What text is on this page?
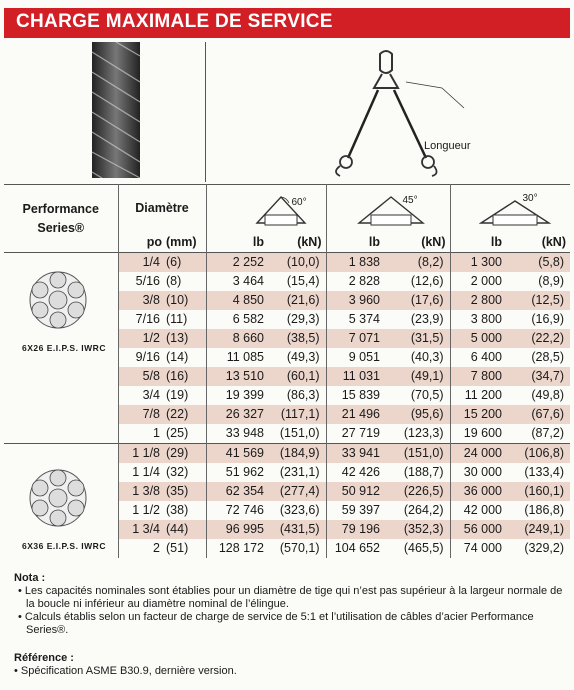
CHARGE MAXIMALE DE SERVICE
Longueur
Performance
Series®	Diamètre		60°		45°		30°	

	po	(mm)	lb	(kN)	lb	(kN)	lb	(kN)
	1/4	(6)	2 252	(10,0)	1 838	(8,2)	1 300	(5,8)
	5/16	(8)	3 464	(15,4)	2 828	(12,6)	2 000	(8,9)
	3/8	(10)	4 850	(21,6)	3 960	(17,6)	2 800	(12,5)
	7/16	(11)	6 582	(29,3)	5 374	(23,9)	3 800	(16,9)
	1/2	(13)	8 660	(38,5)	7 071	(31,5)	5 000	(22,2)
	9/16	(14)	11 085	(49,3)	9 051	(40,3)	6 400	(28,5)
	5/8	(16)	13 510	(60,1)	11 031	(49,1)	7 800	(34,7)
	3/4	(19)	19 399	(86,3)	15 839	(70,5)	11 200	(49,8)
	7/8	(22)	26 327	(117,1)	21 496	(95,6)	15 200	(67,6)
	1	(25)	33 948	(151,0)	27 719	(123,3)	19 600	(87,2)
	1 1/8	(29)	41 569	(184,9)	33 941	(151,0)	24 000	(106,8)
	1 1/4	(32)	51 962	(231,1)	42 426	(188,7)	30 000	(133,4)
	1 3/8	(35)	62 354	(277,4)	50 912	(226,5)	36 000	(160,1)
	1 1/2	(38)	72 746	(323,6)	59 397	(264,2)	42 000	(186,8)
	1 3/4	(44)	96 995	(431,5)	79 196	(352,3)	56 000	(249,1)
	2	(51)	128 172	(570,1)	104 652	(465,5)	74 000	(329,2)
6X26 E.I.P.S. IWRC
6X36 E.I.P.S. IWRC
Nota :
• Les capacités nominales sont établies pour un diamètre de tige qui n’est pas supérieur à la largeur normale de la boucle ni inférieur au diamètre nominal de l’élingue.
• Calculs établis selon un facteur de charge de service de 5:1 et l’utilisation de câbles d’acier Performance Series®.
Référence :
• Spécification ASME B30.9, dernière version.
